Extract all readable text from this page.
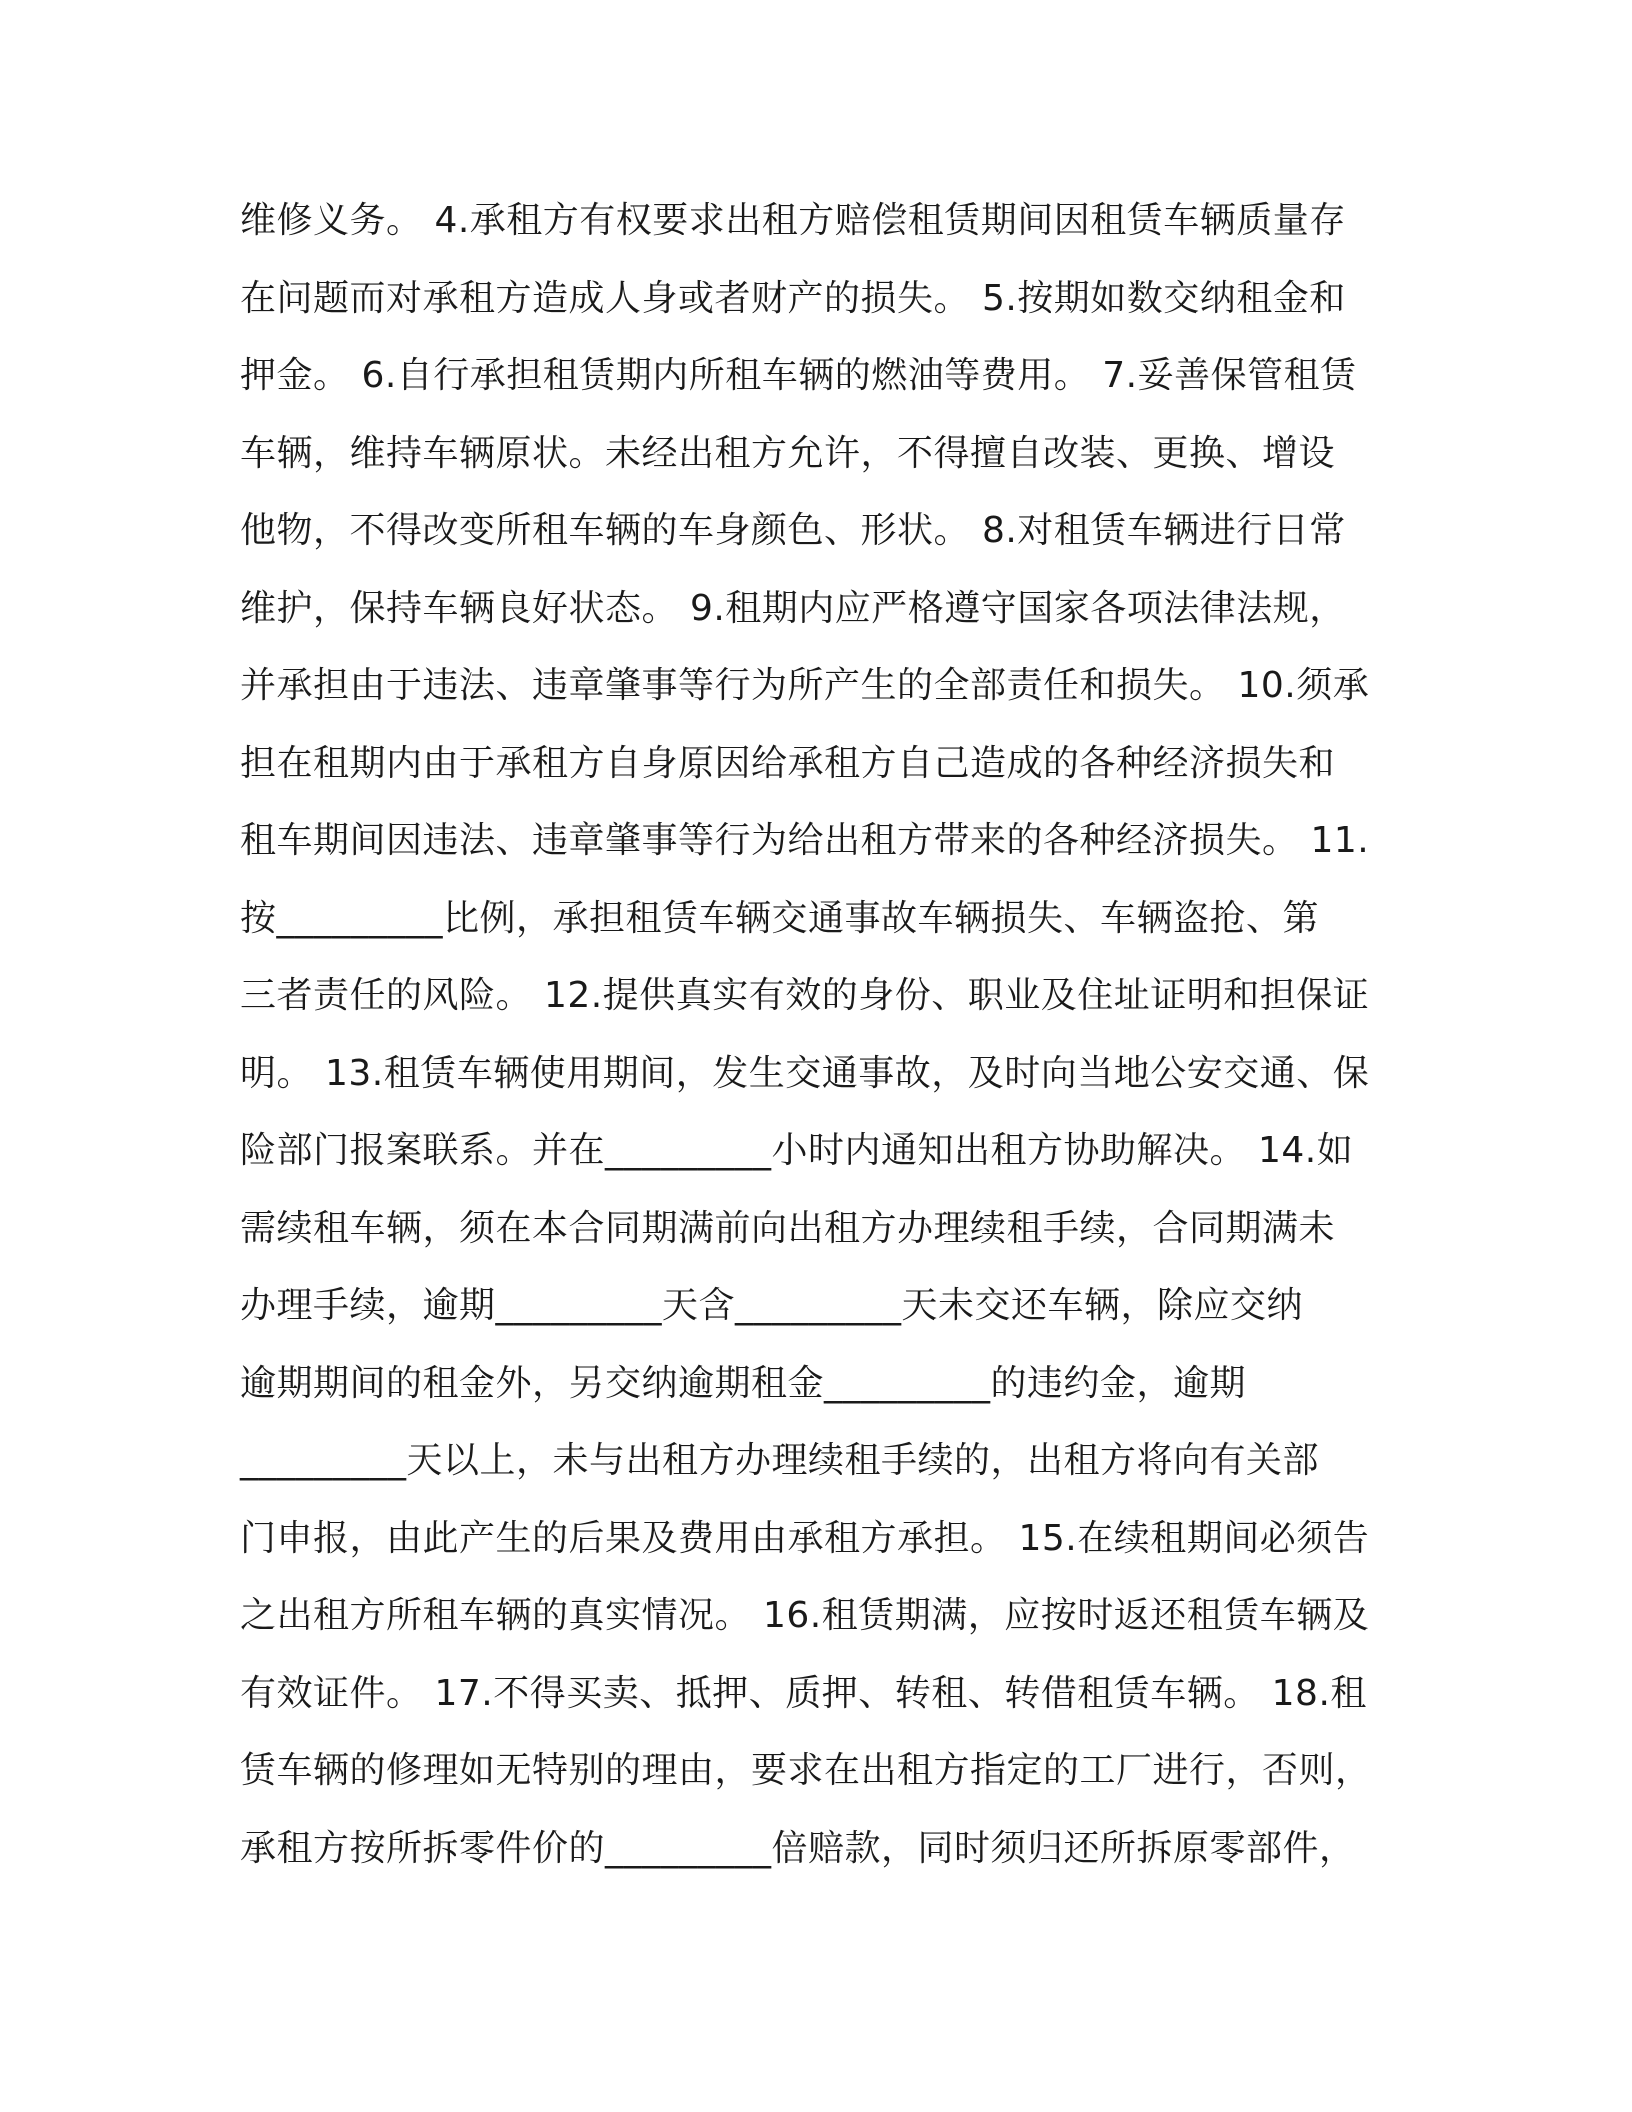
维修义务。 4.承租方有权要求出租方赔偿租赁期间因租赁车辆质量存
在问题而对承租方造成人身或者财产的损失。 5.按期如数交纳租金和
押金。 6.自行承担租赁期内所租车辆的燃油等费用。 7.妥善保管租赁
车辆，维持车辆原状。未经出租方允许，不得擅自改装、更换、增设
他物，不得改变所租车辆的车身颜色、形状。 8.对租赁车辆进行日常
维护，保持车辆良好状态。 9.租期内应严格遵守国家各项法律法规，
并承担由于违法、违章肇事等行为所产生的全部责任和损失。 10.须承
担在租期内由于承租方自身原因给承租方自己造成的各种经济损失和
租车期间因违法、违章肇事等行为给出租方带来的各种经济损失。 11.
按_________比例，承担租赁车辆交通事故车辆损失、车辆盗抢、第
三者责任的风险。 12.提供真实有效的身份、职业及住址证明和担保证
明。 13.租赁车辆使用期间，发生交通事故，及时向当地公安交通、保
险部门报案联系。并在_________小时内通知出租方协助解决。 14.如
需续租车辆，须在本合同期满前向出租方办理续租手续，合同期满未
办理手续，逾期_________天含_________天未交还车辆，除应交纳
逾期期间的租金外，另交纳逾期租金_________的违约金，逾期
_________天以上，未与出租方办理续租手续的，出租方将向有关部
门申报，由此产生的后果及费用由承租方承担。 15.在续租期间必须告
之出租方所租车辆的真实情况。 16.租赁期满，应按时返还租赁车辆及
有效证件。 17.不得买卖、抵押、质押、转租、转借租赁车辆。 18.租
赁车辆的修理如无特别的理由，要求在出租方指定的工厂进行，否则，
承租方按所拆零件价的_________倍赔款，同时须归还所拆原零部件，
